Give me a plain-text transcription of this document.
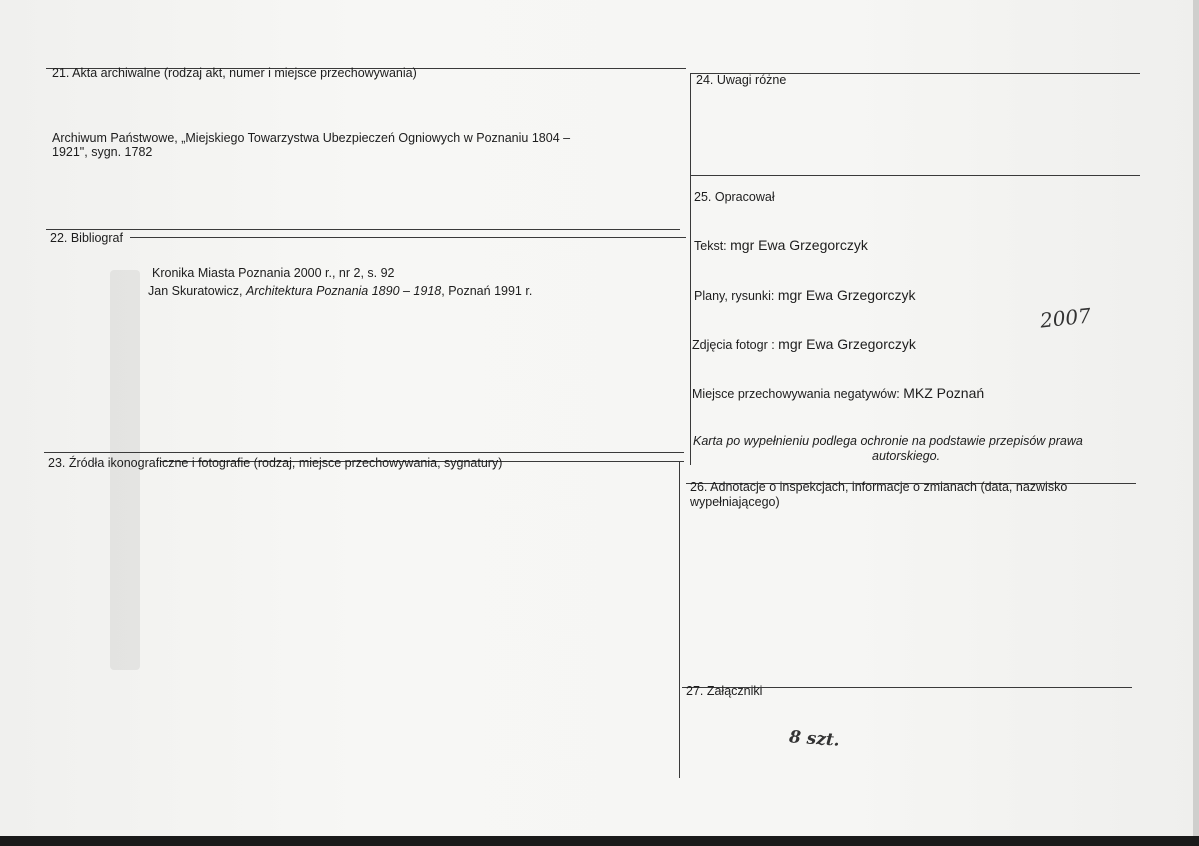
21. Akta archiwalne (rodzaj akt, numer i miejsce przechowywania)
Archiwum Państwowe, „Miejskiego Towarzystwa Ubezpieczeń Ogniowych w Poznaniu 1804 –
1921", sygn. 1782
22. Bibliograf
Kronika Miasta Poznania 2000 r., nr 2, s. 92
Jan Skuratowicz, Architektura Poznania 1890 – 1918, Poznań 1991 r.
23. Źródła ikonograficzne i fotografie (rodzaj, miejsce przechowywania, sygnatury)
24. Uwagi różne
25. Opracował
Tekst: mgr Ewa Grzegorczyk
Plany, rysunki: mgr Ewa Grzegorczyk
2007
Zdjęcia fotogr : mgr Ewa Grzegorczyk
Miejsce przechowywania negatywów: MKZ Poznań
Karta po wypełnieniu podlega ochronie na podstawie przepisów prawa
autorskiego.
26. Adnotacje o inspekcjach, informacje o zmianach (data, nazwisko
wypełniającego)
27. Załączniki
8 szt.
